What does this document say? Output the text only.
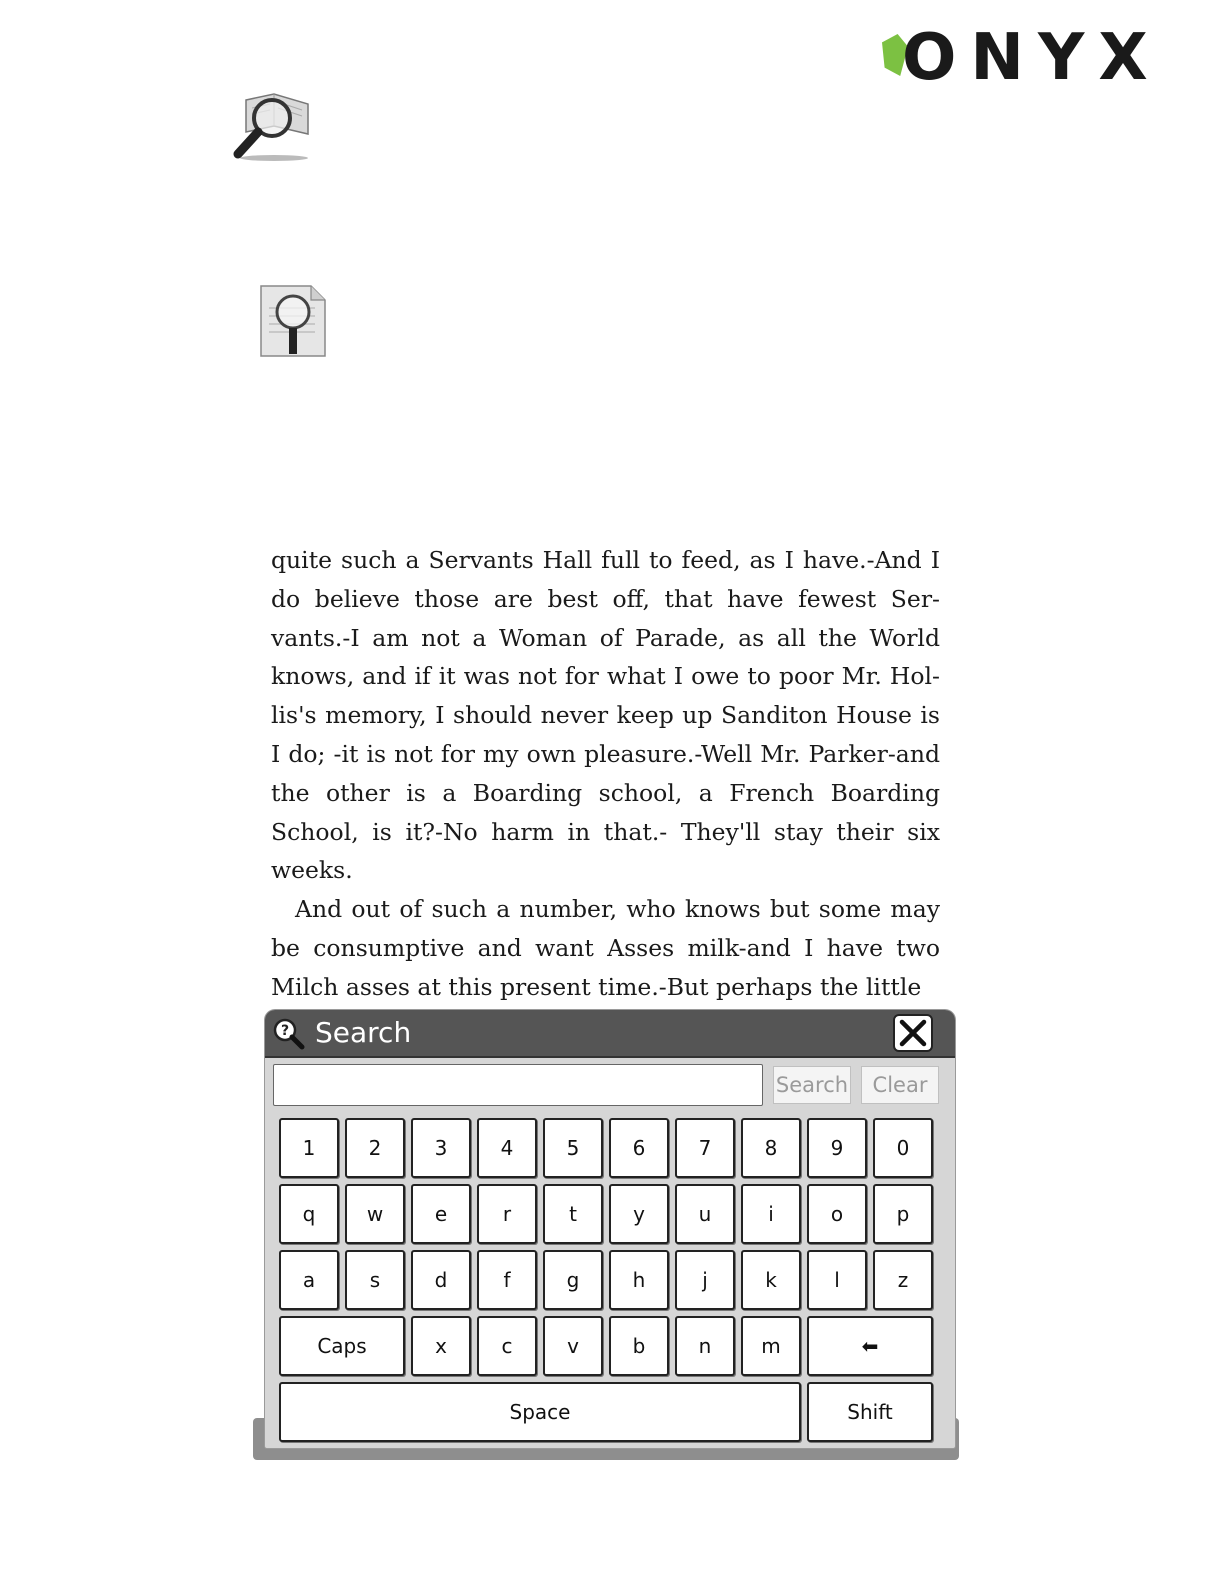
ONYX

quite such a Servants Hall full to feed, as I have.-And I do believe those are best off, that have fewest Ser-vants.-I am not a Woman of Parade, as all the World knows, and if it was not for what I owe to poor Mr. Hol-lis's memory, I should never keep up Sanditon House is I do; -it is not for my own pleasure.-Well Mr. Parker-and the other is a Boarding school, a French Boarding School, is it?-No harm in that.- They'll stay their six weeks.

And out of such a number, who knows but some may be consumptive and want Asses milk-and I have two Milch asses at this present time.-But perhaps the little

? Search
Search	Clear
1	2	3	4	5	6	7	8	9	0
q	w	e	r	t	y	u	i	o	p
a	s	d	f	g	h	j	k	l	z
Caps	x	c	v	b	n	m	⬅
Space	Shift
